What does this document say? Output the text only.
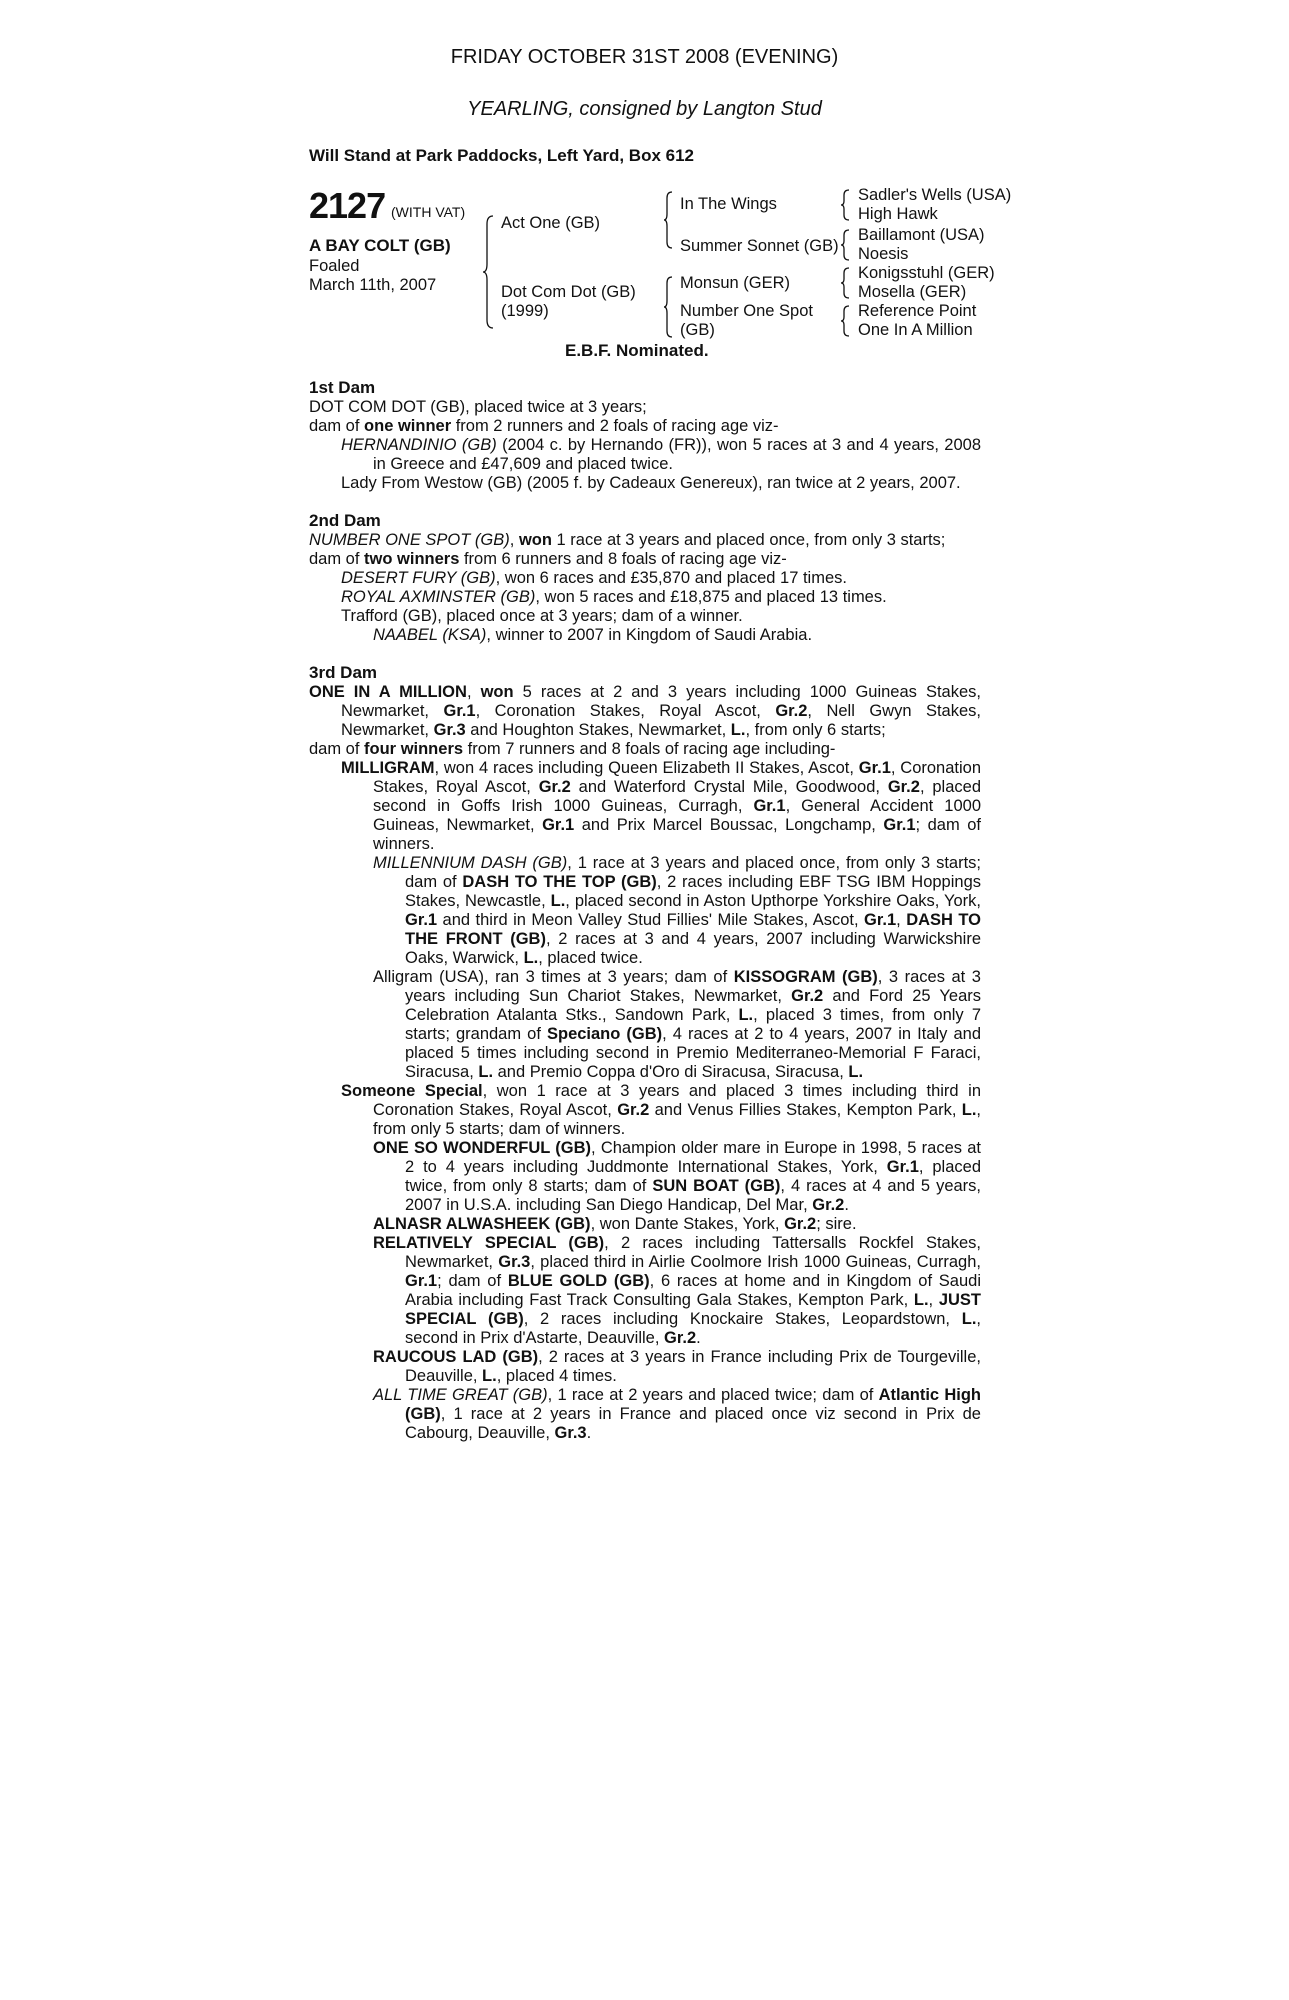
FRIDAY OCTOBER 31ST 2008 (EVENING)
YEARLING, consigned by Langton Stud
Will Stand at Park Paddocks, Left Yard, Box 612
2127 (WITH VAT)
A BAY COLT (GB)
Foaled
March 11th, 2007
Act One (GB)
Dot Com Dot (GB)
(1999)
In The Wings
Summer Sonnet (GB)
Monsun (GER)
Number One Spot
(GB)
Sadler's Wells (USA)
High Hawk
Baillamont (USA)
Noesis
Konigsstuhl (GER)
Mosella (GER)
Reference Point
One In A Million
E.B.F. Nominated.
1st Dam

DOT COM DOT (GB), placed twice at 3 years;

dam of one winner from 2 runners and 2 foals of racing age viz-

HERNANDINIO (GB) (2004 c. by Hernando (FR)), won 5 races at 3 and 4 years, 2008 in Greece and £47,609 and placed twice.

Lady From Westow (GB) (2005 f. by Cadeaux Genereux), ran twice at 2 years, 2007.

2nd Dam

NUMBER ONE SPOT (GB), won 1 race at 3 years and placed once, from only 3 starts;

dam of two winners from 6 runners and 8 foals of racing age viz-

DESERT FURY (GB), won 6 races and £35,870 and placed 17 times.

ROYAL AXMINSTER (GB), won 5 races and £18,875 and placed 13 times.

Trafford (GB), placed once at 3 years; dam of a winner.

NAABEL (KSA), winner to 2007 in Kingdom of Saudi Arabia.

3rd Dam

ONE IN A MILLION, won 5 races at 2 and 3 years including 1000 Guineas Stakes, Newmarket, Gr.1, Coronation Stakes, Royal Ascot, Gr.2, Nell Gwyn Stakes, Newmarket, Gr.3 and Houghton Stakes, Newmarket, L., from only 6 starts;

dam of four winners from 7 runners and 8 foals of racing age including-

MILLIGRAM, won 4 races including Queen Elizabeth II Stakes, Ascot, Gr.1, Coronation Stakes, Royal Ascot, Gr.2 and Waterford Crystal Mile, Goodwood, Gr.2, placed second in Goffs Irish 1000 Guineas, Curragh, Gr.1, General Accident 1000 Guineas, Newmarket, Gr.1 and Prix Marcel Boussac, Longchamp, Gr.1; dam of winners.

MILLENNIUM DASH (GB), 1 race at 3 years and placed once, from only 3 starts; dam of DASH TO THE TOP (GB), 2 races including EBF TSG IBM Hoppings Stakes, Newcastle, L., placed second in Aston Upthorpe Yorkshire Oaks, York, Gr.1 and third in Meon Valley Stud Fillies' Mile Stakes, Ascot, Gr.1, DASH TO THE FRONT (GB), 2 races at 3 and 4 years, 2007 including Warwickshire Oaks, Warwick, L., placed twice.

Alligram (USA), ran 3 times at 3 years; dam of KISSOGRAM (GB), 3 races at 3 years including Sun Chariot Stakes, Newmarket, Gr.2 and Ford 25 Years Celebration Atalanta Stks., Sandown Park, L., placed 3 times, from only 7 starts; grandam of Speciano (GB), 4 races at 2 to 4 years, 2007 in Italy and placed 5 times including second in Premio Mediterraneo-Memorial F Faraci, Siracusa, L. and Premio Coppa d'Oro di Siracusa, Siracusa, L.

Someone Special, won 1 race at 3 years and placed 3 times including third in Coronation Stakes, Royal Ascot, Gr.2 and Venus Fillies Stakes, Kempton Park, L., from only 5 starts; dam of winners.

ONE SO WONDERFUL (GB), Champion older mare in Europe in 1998, 5 races at 2 to 4 years including Juddmonte International Stakes, York, Gr.1, placed twice, from only 8 starts; dam of SUN BOAT (GB), 4 races at 4 and 5 years, 2007 in U.S.A. including San Diego Handicap, Del Mar, Gr.2.

ALNASR ALWASHEEK (GB), won Dante Stakes, York, Gr.2; sire.

RELATIVELY SPECIAL (GB), 2 races including Tattersalls Rockfel Stakes, Newmarket, Gr.3, placed third in Airlie Coolmore Irish 1000 Guineas, Curragh, Gr.1; dam of BLUE GOLD (GB), 6 races at home and in Kingdom of Saudi Arabia including Fast Track Consulting Gala Stakes, Kempton Park, L., JUST SPECIAL (GB), 2 races including Knockaire Stakes, Leopardstown, L., second in Prix d'Astarte, Deauville, Gr.2.

RAUCOUS LAD (GB), 2 races at 3 years in France including Prix de Tourgeville, Deauville, L., placed 4 times.

ALL TIME GREAT (GB), 1 race at 2 years and placed twice; dam of Atlantic High (GB), 1 race at 2 years in France and placed once viz second in Prix de Cabourg, Deauville, Gr.3.
